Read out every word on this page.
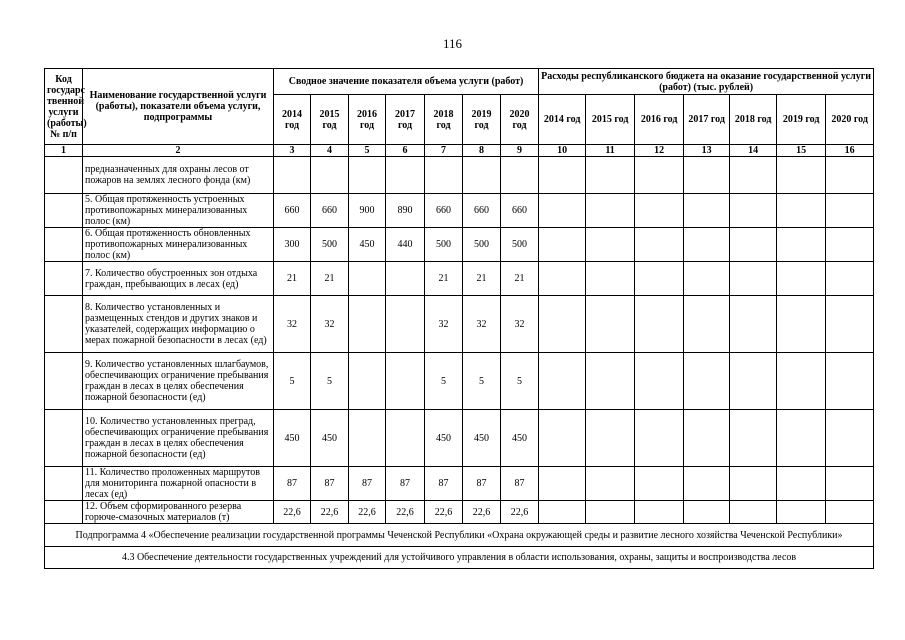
116
Код государс твенной услуги (работы) № п/п	Наименование государственной услуги (работы), показатели объема услуги, подпрограммы	Сводное значение показателя объема услуги (работ)							Расходы республиканского бюджета на оказание государственной услуги (работ) (тыс. рублей)						
		2014 год	2015 год	2016 год	2017 год	2018 год	2019 год	2020 год	2014 год	2015 год	2016 год	2017 год	2018 год	2019 год	2020 год
1	2	3	4	5	6	7	8	9	10	11	12	13	14	15	16
	предназначенных для охраны лесов от пожаров на землях лесного фонда (км)														
	5. Общая протяженность устроенных противопожарных минерализованных полос (км)	660	660	900	890	660	660	660							
	6. Общая протяженность обновленных противопожарных минерализованных полос (км)	300	500	450	440	500	500	500							
	7. Количество обустроенных зон отдыха граждан, пребывающих в лесах (ед)	21	21			21	21	21							
	8. Количество установленных и размещенных стендов и других знаков и указателей, содержащих информацию о мерах пожарной безопасности в лесах (ед)	32	32			32	32	32							
	9. Количество установленных шлагбаумов, обеспечивающих ограничение пребывания граждан в лесах в целях обеспечения пожарной безопасности (ед)	5	5			5	5	5							
	10. Количество установленных преград, обеспечивающих ограничение пребывания граждан в лесах в целях обеспечения пожарной безопасности (ед)	450	450			450	450	450							
	11. Количество проложенных маршрутов для мониторинга пожарной опасности в лесах (ед)	87	87	87	87	87	87	87							
	12. Объем сформированного резерва горюче-смазочных материалов (т)	22,6	22,6	22,6	22,6	22,6	22,6	22,6							
Подпрограмма 4 «Обеспечение реализации государственной программы Чеченской Республики «Охрана окружающей среды и развитие лесного хозяйства Чеченской Республики»															
4.3 Обеспечение деятельности государственных учреждений для устойчивого управления в области использования, охраны, защиты и воспроизводства лесов															
